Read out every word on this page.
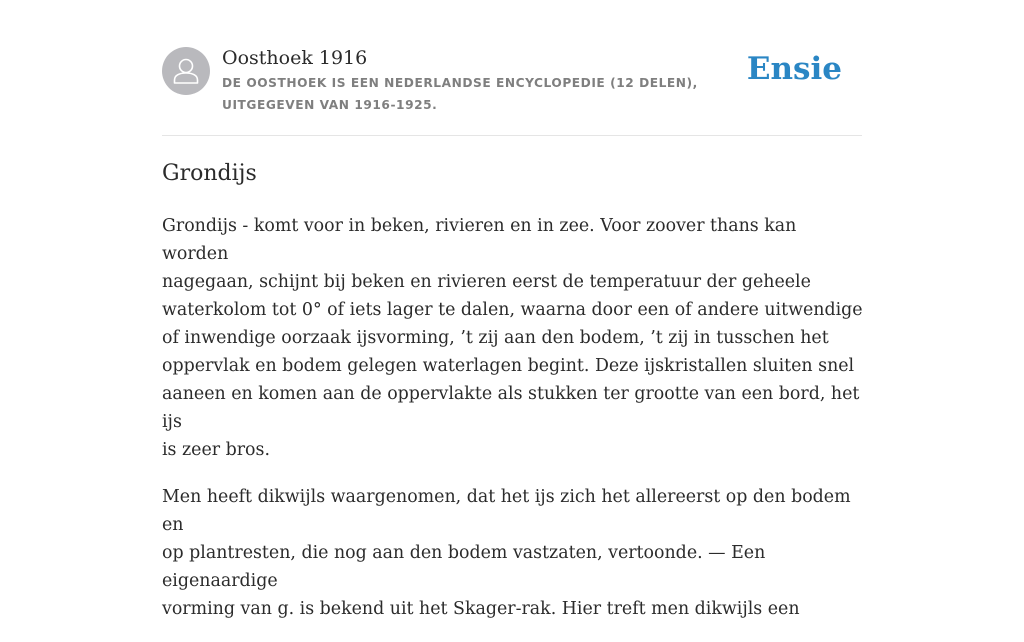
Oosthoek 1916
DE OOSTHOEK IS EEN NEDERLANDSE ENCYCLOPEDIE (12 DELEN), UITGEGEVEN VAN 1916-1925.
Ensie
Grondijs

Grondijs - komt voor in beken, rivieren en in zee. Voor zoover thans kan worden
nagegaan, schijnt bij beken en rivieren eerst de temperatuur der geheele
waterkolom tot 0° of iets lager te dalen, waarna door een of andere uitwendige
of inwendige oorzaak ijsvorming, ’t zij aan den bodem, ’t zij in tusschen het
oppervlak en bodem gelegen waterlagen begint. Deze ijskristallen sluiten snel
aaneen en komen aan de oppervlakte als stukken ter grootte van een bord, het ijs
is zeer bros.

Men heeft dikwijls waargenomen, dat het ijs zich het allereerst op den bodem en
op plantresten, die nog aan den bodem vastzaten, vertoonde. — Een eigenaardige
vorming van g. is bekend uit het Skager-rak. Hier treft men dikwijls een
